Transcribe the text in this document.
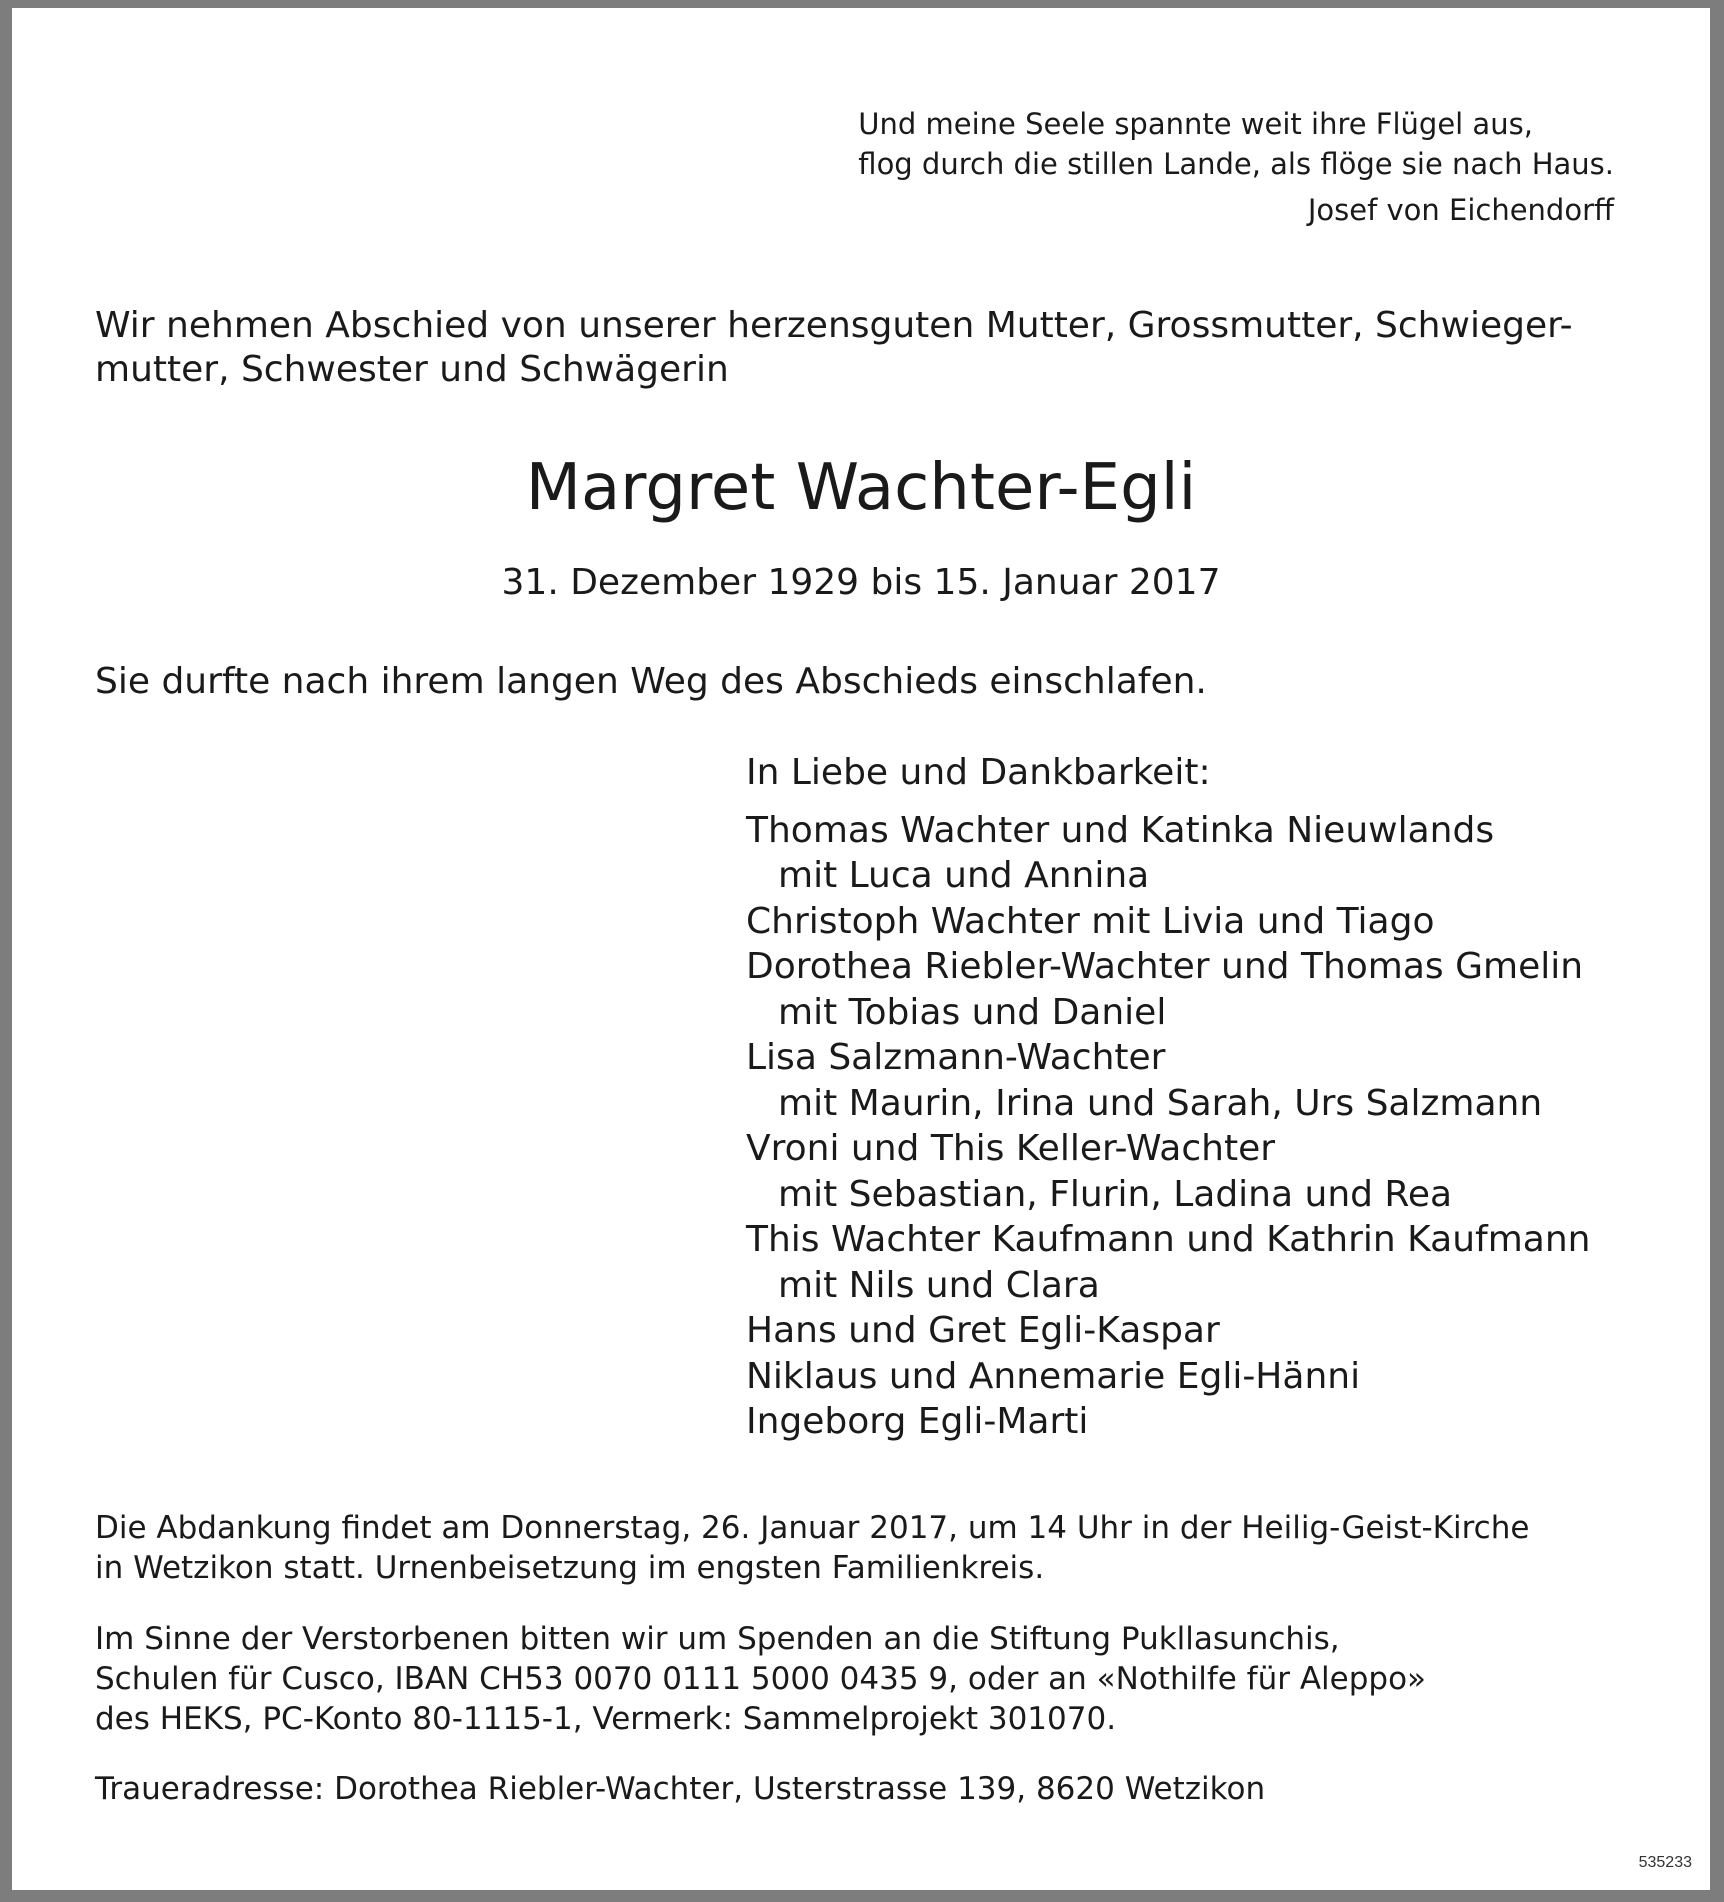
Und meine Seele spannte weit ihre Flügel aus,
flog durch die stillen Lande, als flöge sie nach Haus.
Josef von Eichendorff
Wir nehmen Abschied von unserer herzensguten Mutter, Grossmutter, Schwieger-
mutter, Schwester und Schwägerin
Margret Wachter-Egli
31. Dezember 1929 bis 15. Januar 2017
Sie durfte nach ihrem langen Weg des Abschieds einschlafen.
In Liebe und Dankbarkeit:
Thomas Wachter und Katinka Nieuwlands
mit Luca und Annina
Christoph Wachter mit Livia und Tiago
Dorothea Riebler-Wachter und Thomas Gmelin
mit Tobias und Daniel
Lisa Salzmann-Wachter
mit Maurin, Irina und Sarah, Urs Salzmann
Vroni und This Keller-Wachter
mit Sebastian, Flurin, Ladina und Rea
This Wachter Kaufmann und Kathrin Kaufmann
mit Nils und Clara
Hans und Gret Egli-Kaspar
Niklaus und Annemarie Egli-Hänni
Ingeborg Egli-Marti

Die Abdankung findet am Donnerstag, 26. Januar 2017, um 14 Uhr in der Heilig-Geist-Kirche

in Wetzikon statt. Urnenbeisetzung im engsten Familienkreis.

Im Sinne der Verstorbenen bitten wir um Spenden an die Stiftung Pukllasunchis,

Schulen für Cusco, IBAN CH53 0070 0111 5000 0435 9, oder an «Nothilfe für Aleppo»

des HEKS, PC-Konto 80-1115-1, Vermerk: Sammelprojekt 301070.

Traueradresse: Dorothea Riebler-Wachter, Usterstrasse 139, 8620 Wetzikon
535233
